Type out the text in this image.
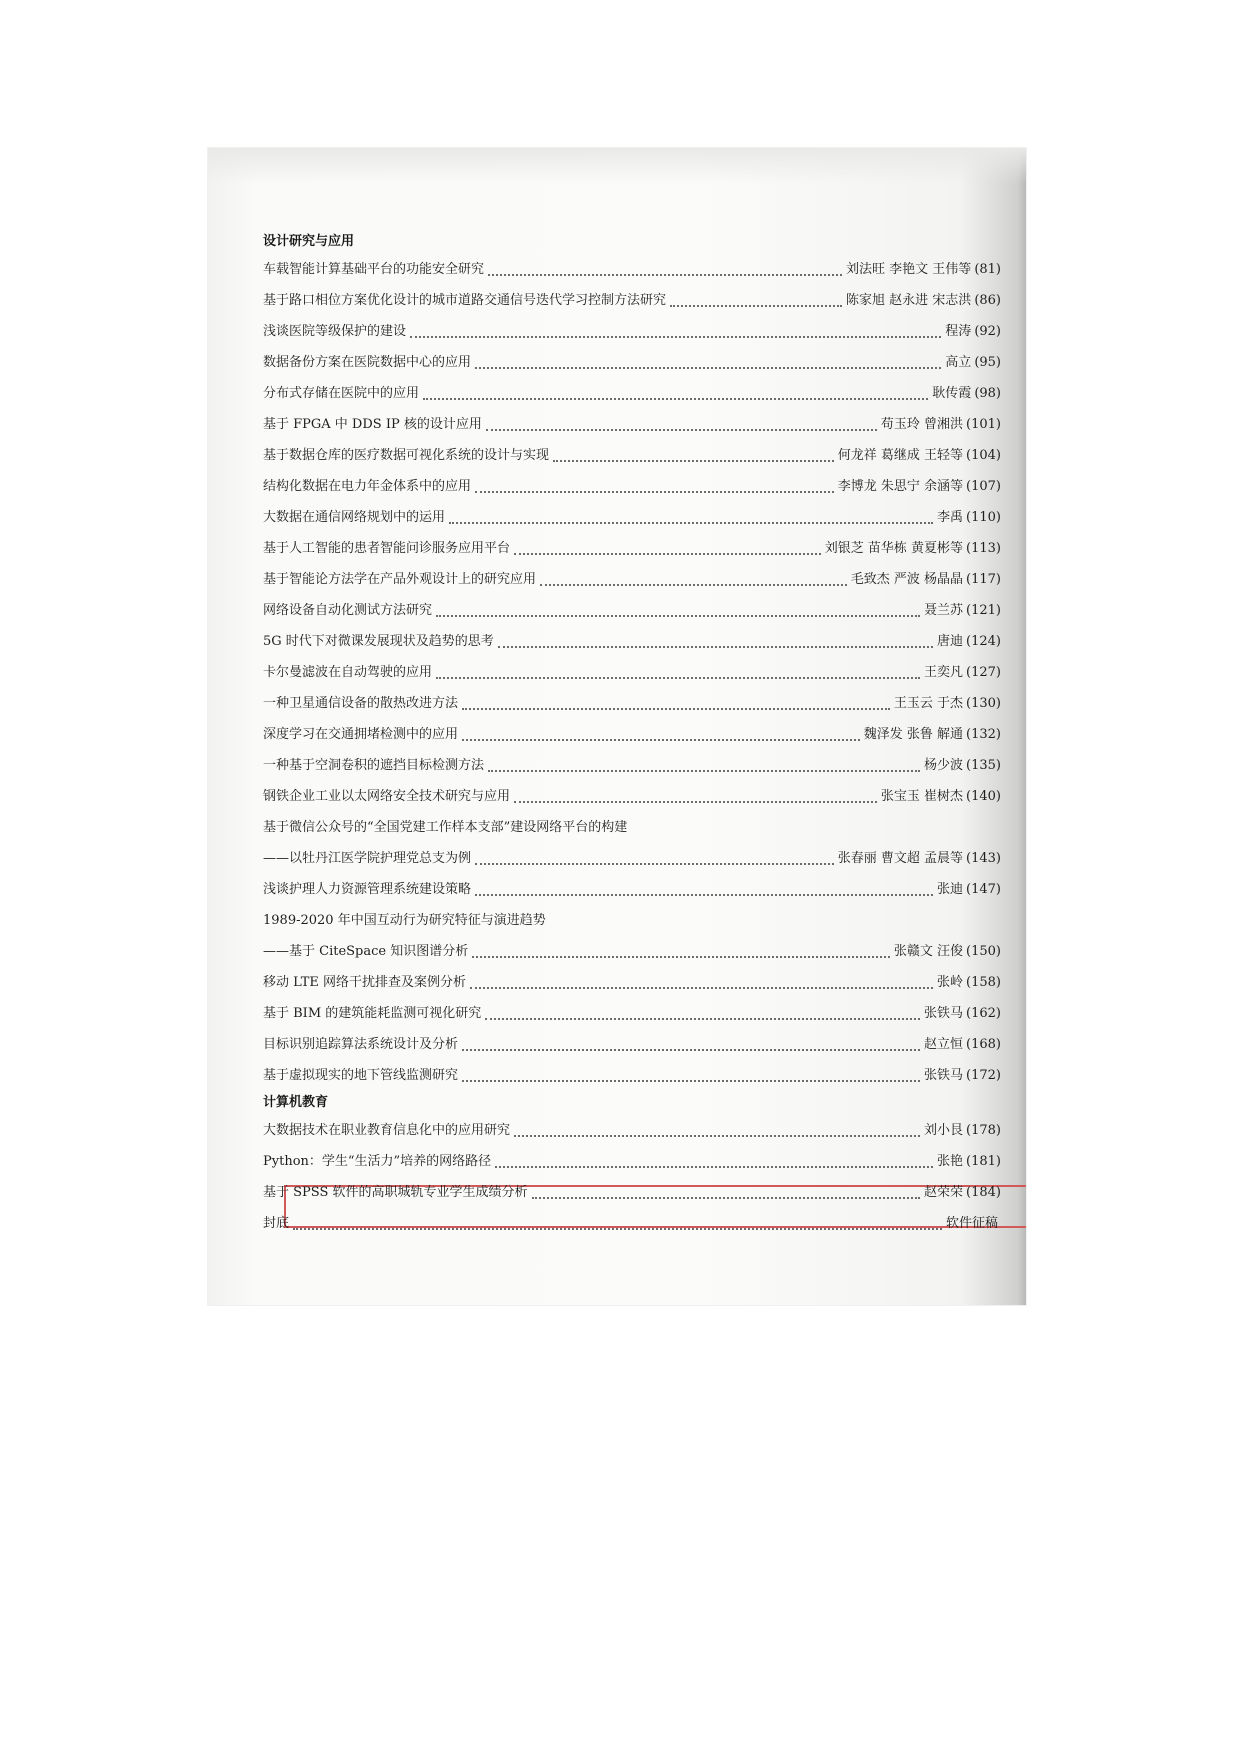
设计研究与应用
车载智能计算基础平台的功能安全研究	刘法旺 李艳文 王伟等 (81)
基于路口相位方案优化设计的城市道路交通信号迭代学习控制方法研究	陈家旭 赵永进 宋志洪 (86)
浅谈医院等级保护的建设	程涛 (92)
数据备份方案在医院数据中心的应用	高立 (95)
分布式存储在医院中的应用	耿传霞 (98)
基于 FPGA 中 DDS IP 核的设计应用	苟玉玲 曾湘洪 (101)
基于数据仓库的医疗数据可视化系统的设计与实现	何龙祥 葛继成 王轻等 (104)
结构化数据在电力年金体系中的应用	李博龙 朱思宁 余涵等 (107)
大数据在通信网络规划中的运用	李禹 (110)
基于人工智能的患者智能问诊服务应用平台	刘银芝 苗华栋 黄夏彬等 (113)
基于智能论方法学在产品外观设计上的研究应用	毛致杰 严波 杨晶晶 (117)
网络设备自动化测试方法研究	聂兰苏 (121)
5G 时代下对微课发展现状及趋势的思考	唐迪 (124)
卡尔曼滤波在自动驾驶的应用	王奕凡 (127)
一种卫星通信设备的散热改进方法	王玉云 于杰 (130)
深度学习在交通拥堵检测中的应用	魏泽发 张鲁 解通 (132)
一种基于空洞卷积的遮挡目标检测方法	杨少波 (135)
钢铁企业工业以太网络安全技术研究与应用	张宝玉 崔树杰 (140)
基于微信公众号的“全国党建工作样本支部”建设网络平台的构建
——以牡丹江医学院护理党总支为例	张春丽 曹文超 孟晨等 (143)
浅谈护理人力资源管理系统建设策略	张迪 (147)
1989-2020 年中国互动行为研究特征与演进趋势
——基于 CiteSpace 知识图谱分析	张赣文 汪俊 (150)
移动 LTE 网络干扰排查及案例分析	张岭 (158)
基于 BIM 的建筑能耗监测可视化研究	张铁马 (162)
目标识别追踪算法系统设计及分析	赵立恒 (168)
基于虚拟现实的地下管线监测研究	张铁马 (172)
计算机教育
大数据技术在职业教育信息化中的应用研究	刘小艮 (178)
Python：学生“生活力”培养的网络路径	张艳 (181)
基于 SPSS 软件的高职城轨专业学生成绩分析	赵荣荣 (184)
封底	软件征稿
